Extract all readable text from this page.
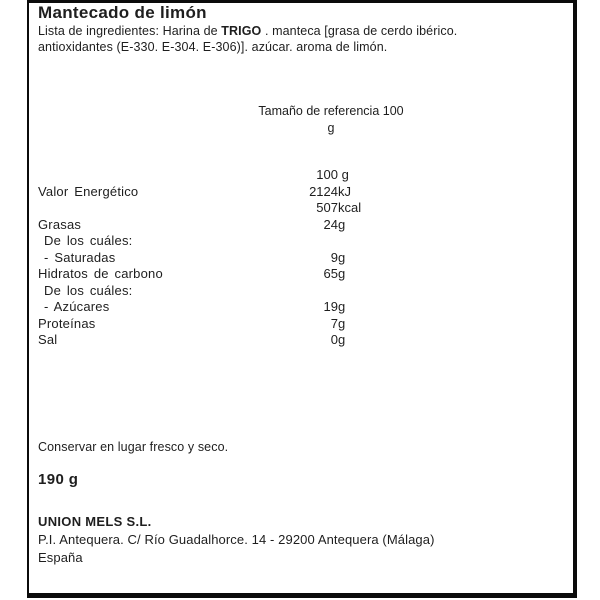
Mantecado de limón

Lista de ingredientes: Harina de TRIGO . manteca [grasa de cerdo ibérico. antioxidantes (E-330. E-304. E-306)]. azúcar. aroma de limón.

Tamaño de referencia 100
g
100 g
Valor Energético	2124 kJ
507 kcal
Grasas	24 g
De los cuáles:
- Saturadas	9 g
Hidratos de carbono	65 g
De los cuáles:
- Azúcares	19 g
Proteínas	7 g
Sal	0 g

Conservar en lugar fresco y seco.

190 g

UNION MELS S.L.
P.I. Antequera. C/ Río Guadalhorce. 14 - 29200 Antequera (Málaga)
España
